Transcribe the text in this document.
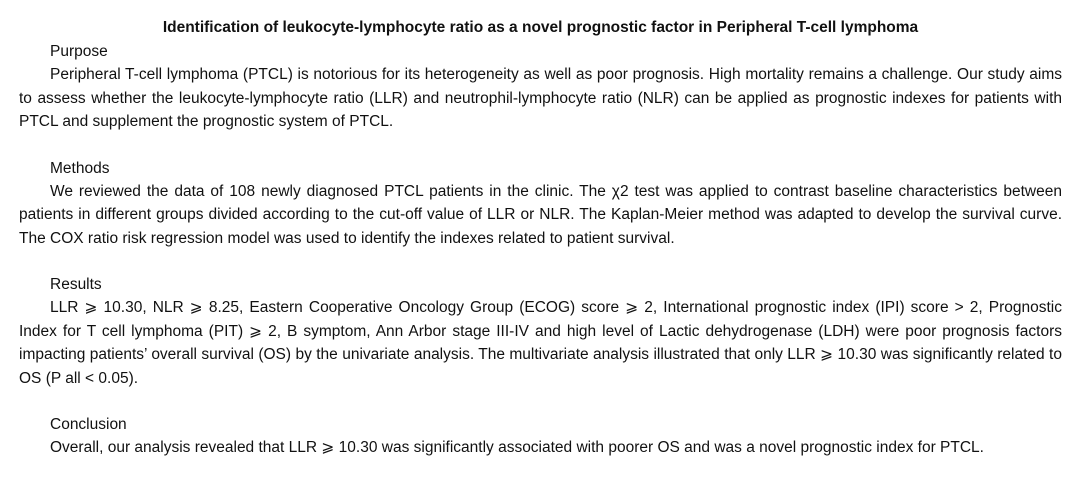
Identification of leukocyte-lymphocyte ratio as a novel prognostic factor in Peripheral T-cell lymphoma

Purpose

Peripheral T-cell lymphoma (PTCL) is notorious for its heterogeneity as well as poor prognosis. High mortality remains a challenge. Our study aims to assess whether the leukocyte-lymphocyte ratio (LLR) and neutrophil-lymphocyte ratio (NLR) can be applied as prognostic indexes for patients with PTCL and supplement the prognostic system of PTCL.

Methods

We reviewed the data of 108 newly diagnosed PTCL patients in the clinic. The χ2 test was applied to contrast baseline characteristics between patients in different groups divided according to the cut-off value of LLR or NLR. The Kaplan-Meier method was adapted to develop the survival curve. The COX ratio risk regression model was used to identify the indexes related to patient survival.

Results

LLR ⩾ 10.30, NLR ⩾ 8.25, Eastern Cooperative Oncology Group (ECOG) score ⩾ 2, International prognostic index (IPI) score > 2, Prognostic Index for T cell lymphoma (PIT) ⩾ 2, B symptom, Ann Arbor stage III-IV and high level of Lactic dehydrogenase (LDH) were poor prognosis factors impacting patients’ overall survival (OS) by the univariate analysis. The multivariate analysis illustrated that only LLR ⩾ 10.30 was significantly related to OS (P all < 0.05).

Conclusion

Overall, our analysis revealed that LLR ⩾ 10.30 was significantly associated with poorer OS and was a novel prognostic index for PTCL.
